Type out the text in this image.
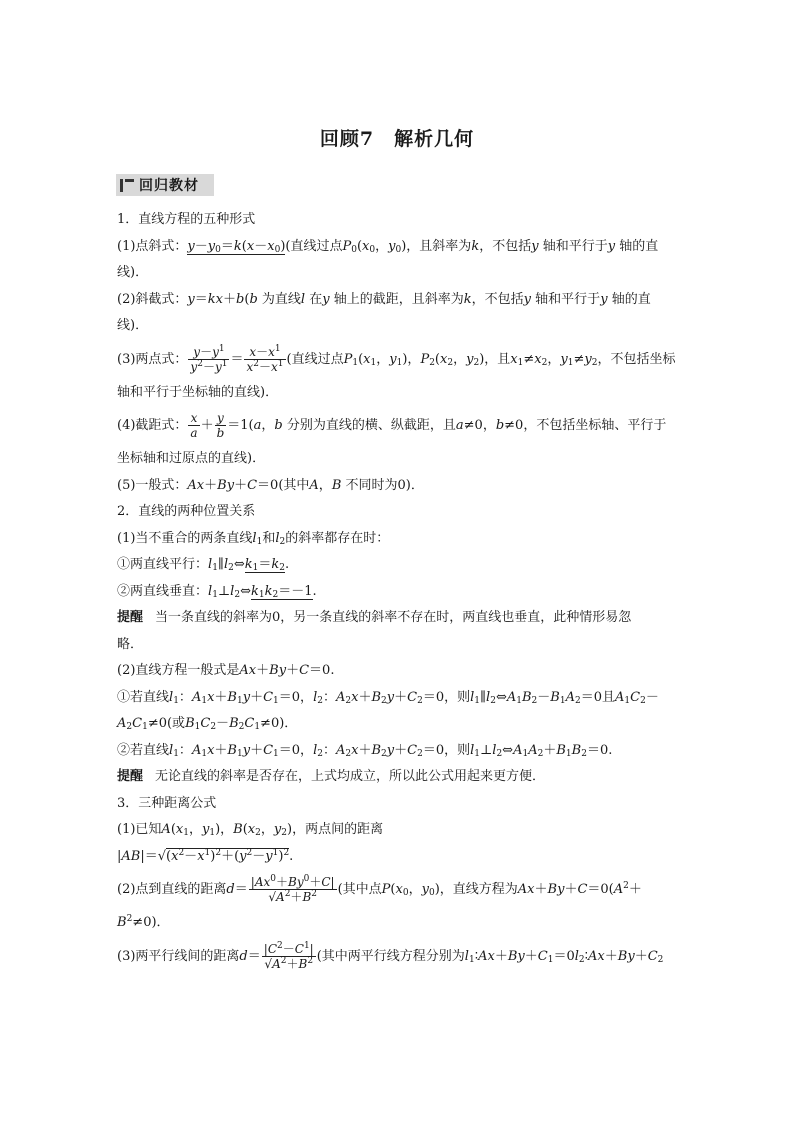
回顾7　解析几何
回归教材
1．直线方程的五种形式
(1)点斜式：$y-y_0=k(x-x_0)$(直线过点$P_0(x_0$，$y_0$)，且斜率为k，不包括y 轴和平行于y 轴的直
线)．
(2)斜截式：y＝kx＋b(b 为直线l 在y 轴上的截距，且斜率为k，不包括y 轴和平行于y 轴的直
线)．
(3)两点式： $\frac{y-y^1}{y^2-y^1} = \frac{x-x^1}{x^2-x^1}$ (直线过点$P_1(x_1$，$y_1$)，$P_2(x_2$，$y_2$)，且$x_1\ne x_2$，$y_1\ne y_2$，不包括坐标
轴和平行于坐标轴的直线)．
(4)截距式： $\frac{x}{a} + \frac{y}{b} =1(a$，b 分别为直线的横、纵截距，且a≠0，b≠0，不包括坐标轴、平行于
坐标轴和过原点的直线)．
(5)一般式：Ax＋By＋C＝0(其中A，B 不同时为0)．
2．直线的两种位置关系
(1)当不重合的两条直线$l_1$和$l_2$的斜率都存在时：
①两直线平行：$l_1\parallel l_2\Leftrightarrow k_1=k_2$.
②两直线垂直：$l_1\perp l_2\Leftrightarrow k_1k_2=-1$.
提醒 当一条直线的斜率为0，另一条直线的斜率不存在时，两直线也垂直，此种情形易忽
略．
(2)直线方程一般式是Ax＋By＋C＝0.
①若直线$l_1$：$A_1x+B_1y+C_1=0$，$l_2$：$A_2x+B_2y+C_2=0$，则$l_1\parallel l_2\Leftrightarrow A_1B_2-B_1A_2=0$且$A_1C_2-$
$A_2C_1\ne 0$(或$B_1C_2-B_2C_1\ne 0$)．
②若直线$l_1$：$A_1x+B_1y+C_1=0$，$l_2$：$A_2x+B_2y+C_2=0$，则$l_1\perp l_2\Leftrightarrow A_1A_2+B_1B_2=0$.
提醒 无论直线的斜率是否存在，上式均成立，所以此公式用起来更方便．
3．三种距离公式
(1)已知$A(x_1$，$y_1$)，$B(x_2$，$y_2$)，两点间的距离
$|AB|=√(x^2-x^1)^2+(y^2-y^1)^2$.
(2)点到直线的距离$d= \frac{|Ax^0+By^0+C|}{√A^2+B^2}$ (其中点$P(x_0$，$y_0$)，直线方程为$Ax+By+C=0(A^2+$
$B^2\ne 0$)．
(3)两平行线间的距离$d= \frac{|C^2-C^1|}{√A^2+B^2}$ (其中两平行线方程分别为$l_1∶Ax+By+C_1=0l_2∶Ax+By+C_2$
